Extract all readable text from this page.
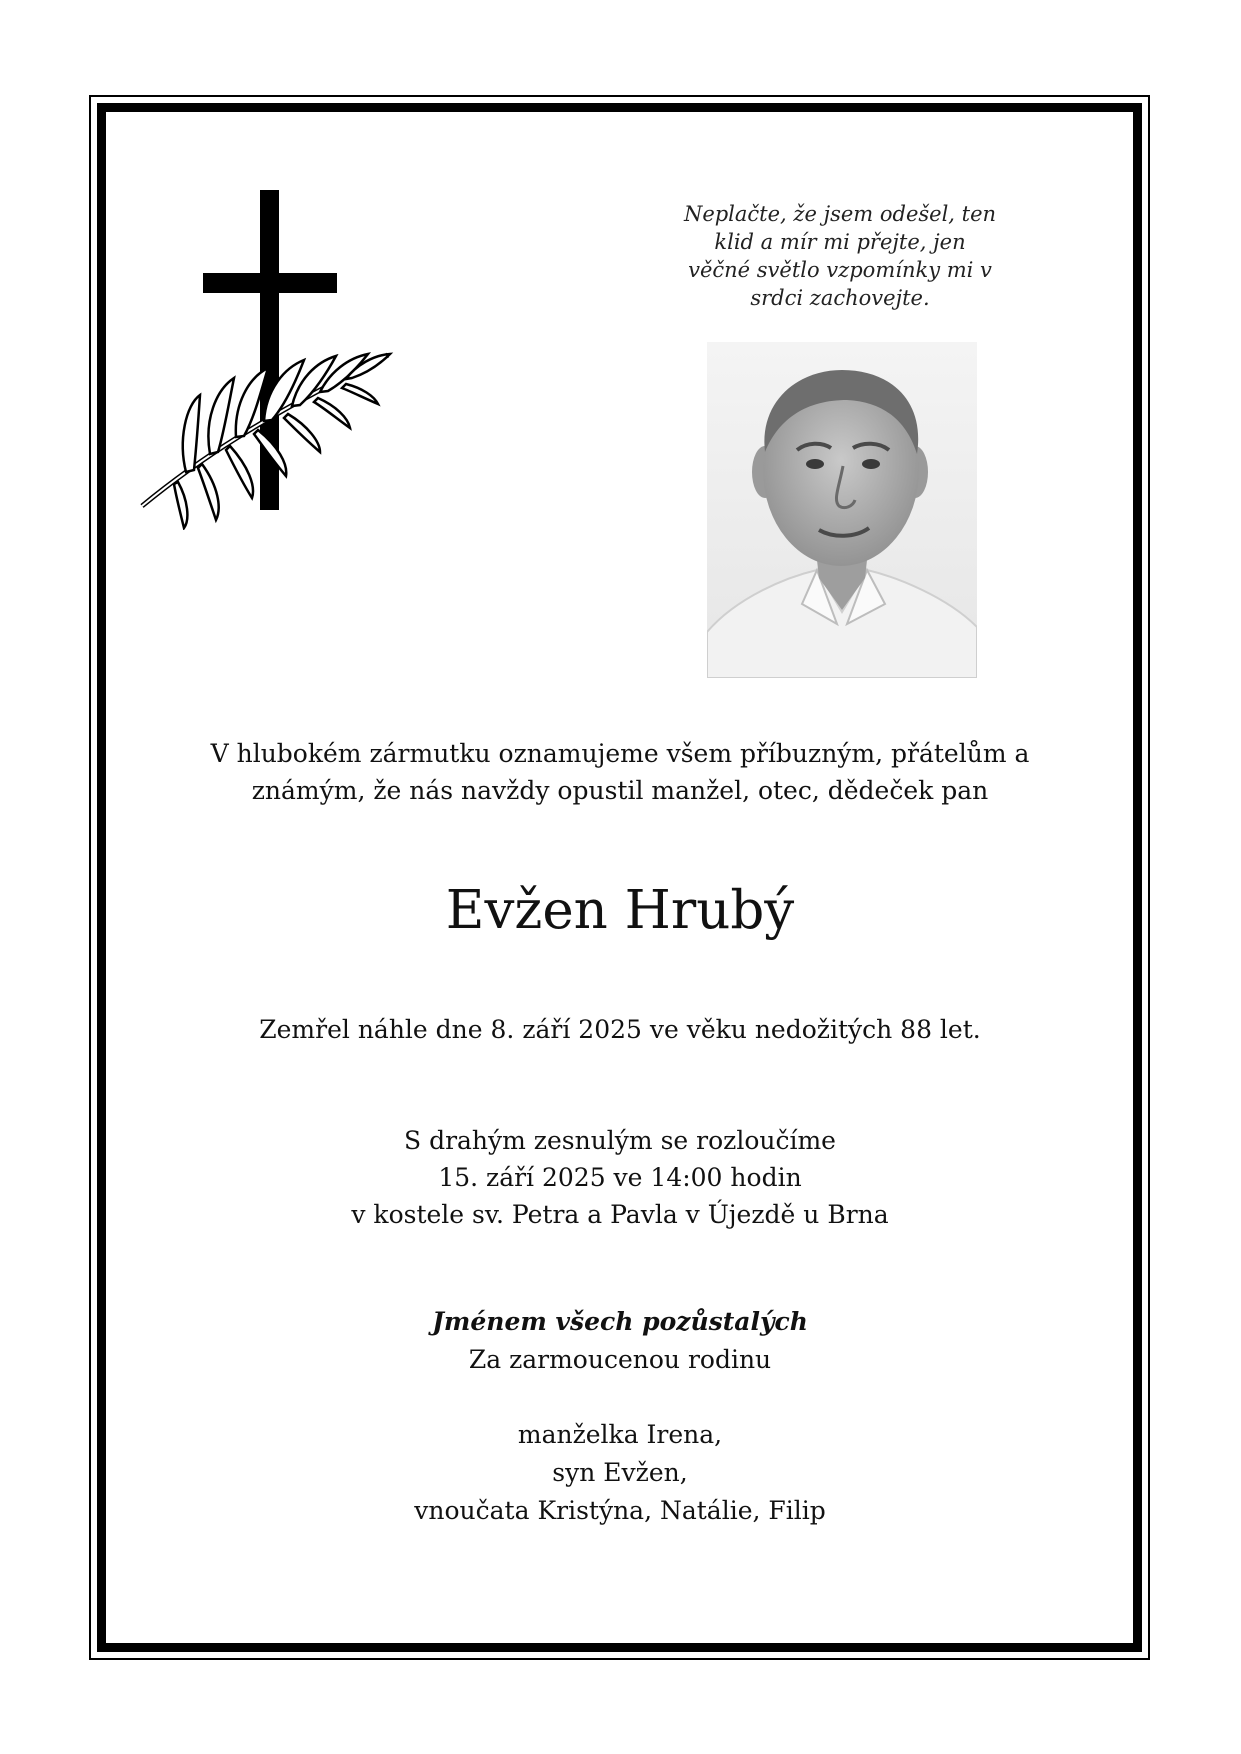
Neplačte, že jsem odešel, ten
klid a mír mi přejte, jen
věčné světlo vzpomínky mi v
srdci zachovejte.
V hlubokém zármutku oznamujeme všem příbuzným, přátelům a
známým, že nás navždy opustil manžel, otec, dědeček pan
Evžen Hrubý
Zemřel náhle dne 8. září 2025 ve věku nedožitých 88 let.
S drahým zesnulým se rozloučíme
15. září 2025 ve 14:00 hodin
v kostele sv. Petra a Pavla v Újezdě u Brna
Jménem všech pozůstalých
Za zarmoucenou rodinu
manželka Irena,
syn Evžen,
vnoučata Kristýna, Natálie, Filip
